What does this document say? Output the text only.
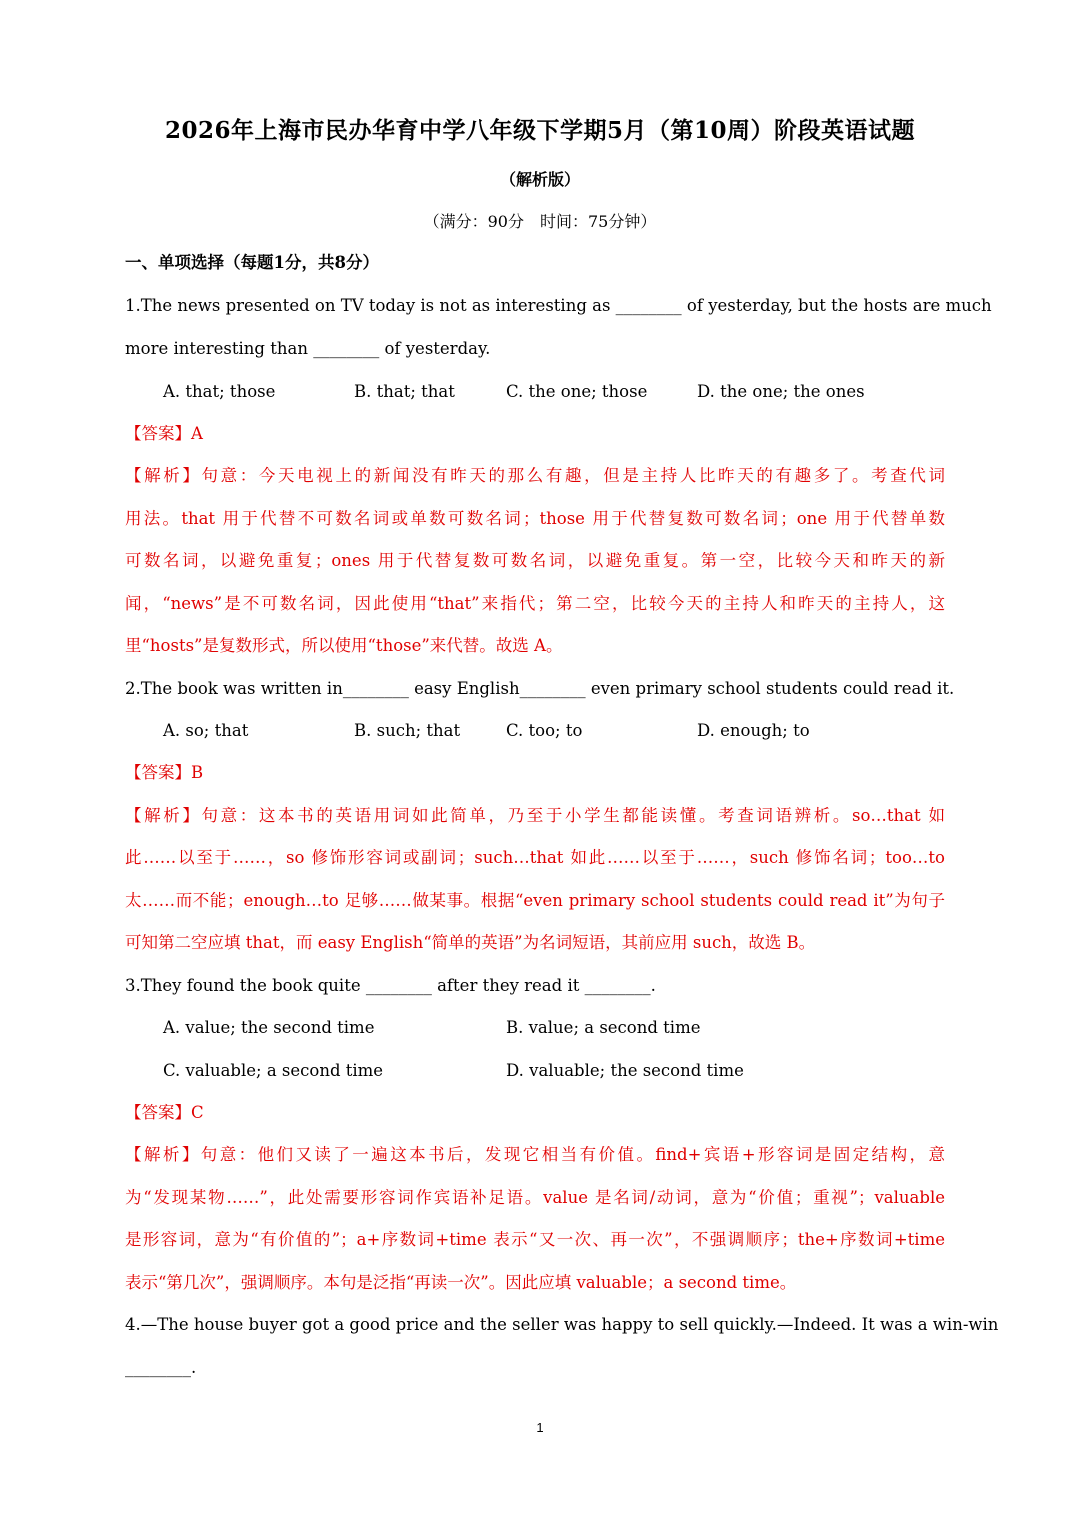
2026年上海市民办华育中学八年级下学期5月（第10周）阶段英语试题
（解析版）
（满分：90分　时间：75分钟）
一、单项选择（每题1分，共8分）
1.The news presented on TV today is not as interesting as ________ of yesterday, but the hosts are much
more interesting than ________ of yesterday.
A. that; those	B. that; that	C. the one; those	D. the one; the ones
【答案】A
【解析】句意：今天电视上的新闻没有昨天的那么有趣，但是主持人比昨天的有趣多了。考查代词
用法。that 用于代替不可数名词或单数可数名词；those 用于代替复数可数名词；one 用于代替单数
可数名词，以避免重复；ones 用于代替复数可数名词，以避免重复。第一空，比较今天和昨天的新
闻，“news”是不可数名词，因此使用“that”来指代；第二空，比较今天的主持人和昨天的主持人，这
里“hosts”是复数形式，所以使用“those”来代替。故选 A。
2.The book was written in________ easy English________ even primary school students could read it.
A. so; that	B. such; that	C. too; to	D. enough; to
【答案】B
【解析】句意：这本书的英语用词如此简单，乃至于小学生都能读懂。考查词语辨析。so…that 如
此……以至于……，so 修饰形容词或副词；such…that 如此……以至于……，such 修饰名词；too…to
太……而不能；enough…to 足够……做某事。根据“even primary school students could read it”为句子
可知第二空应填 that，而 easy English“简单的英语”为名词短语，其前应用 such，故选 B。
3.They found the book quite ________ after they read it ________.
A. value; the second time	B. value; a second time
C. valuable; a second time	D. valuable; the second time
【答案】C
【解析】句意：他们又读了一遍这本书后，发现它相当有价值。find+宾语+形容词是固定结构，意
为“发现某物……”，此处需要形容词作宾语补足语。value 是名词/动词，意为“价值；重视”；valuable
是形容词，意为“有价值的”；a+序数词+time 表示“又一次、再一次”，不强调顺序；the+序数词+time
表示“第几次”，强调顺序。本句是泛指“再读一次”。因此应填 valuable；a second time。
4.—The house buyer got a good price and the seller was happy to sell quickly.—Indeed. It was a win-win
________.
1
